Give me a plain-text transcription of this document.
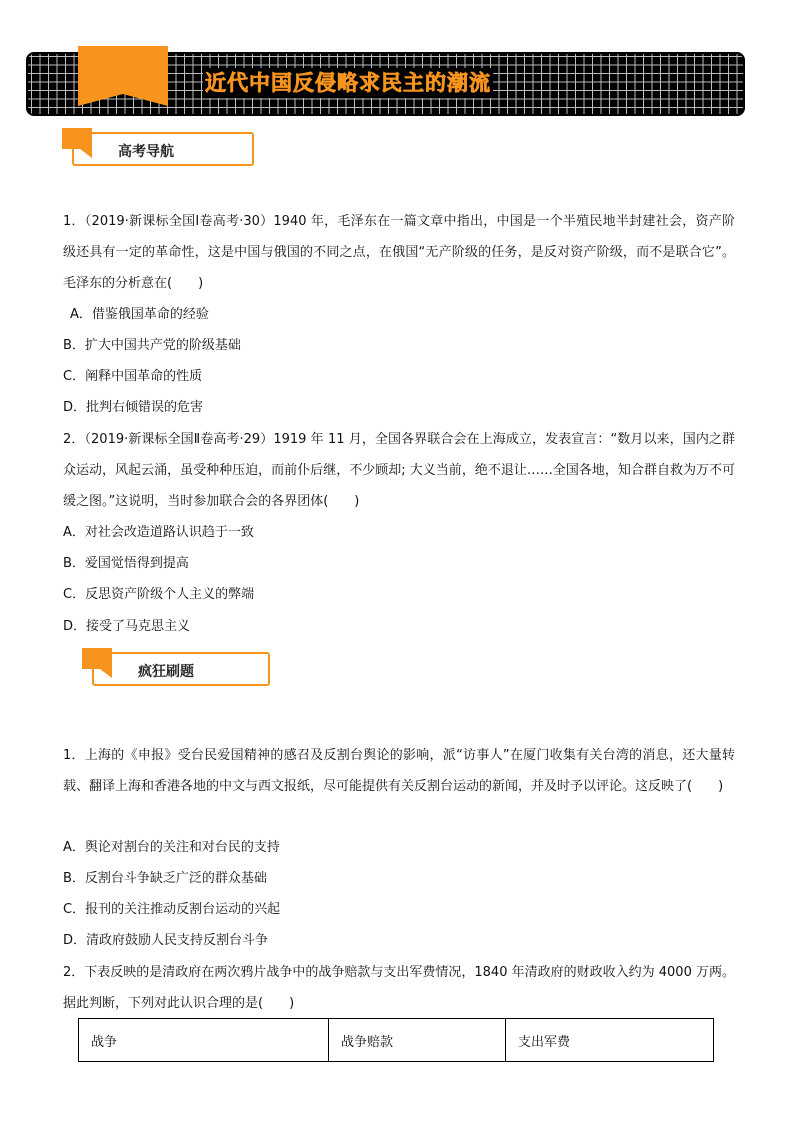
近代中国反侵略求民主的潮流
高考导航
1．（2019·新课标全国Ⅰ卷高考·30）1940 年，毛泽东在一篇文章中指出，中国是一个半殖民地半封建社会，资产阶级还具有一定的革命性，这是中国与俄国的不同之点，在俄国“无产阶级的任务，是反对资产阶级，而不是联合它”。毛泽东的分析意在(　　)
A．借鉴俄国革命的经验
B．扩大中国共产党的阶级基础
C．阐释中国革命的性质
D．批判右倾错误的危害
2．（2019·新课标全国Ⅱ卷高考·29）1919 年 11 月，全国各界联合会在上海成立，发表宣言：“数月以来，国内之群众运动，风起云涌，虽受种种压迫，而前仆后继，不少顾却; 大义当前，绝不退让……全国各地，知合群自救为万不可缓之图。”这说明，当时参加联合会的各界团体(　　)
A．对社会改造道路认识趋于一致
B．爱国觉悟得到提高
C．反思资产阶级个人主义的弊端
D．接受了马克思主义
疯狂刷题
1．上海的《申报》受台民爱国精神的感召及反割台舆论的影响，派“访事人”在厦门收集有关台湾的消息，还大量转载、翻译上海和香港各地的中文与西文报纸，尽可能提供有关反割台运动的新闻，并及时予以评论。这反映了(　　)
A．舆论对割台的关注和对台民的支持
B．反割台斗争缺乏广泛的群众基础
C．报刊的关注推动反割台运动的兴起
D．清政府鼓励人民支持反割台斗争
2．下表反映的是清政府在两次鸦片战争中的战争赔款与支出军费情况，1840 年清政府的财政收入约为 4000 万两。据此判断，下列对此认识合理的是(　　)
战争	战争赔款	支出军费
